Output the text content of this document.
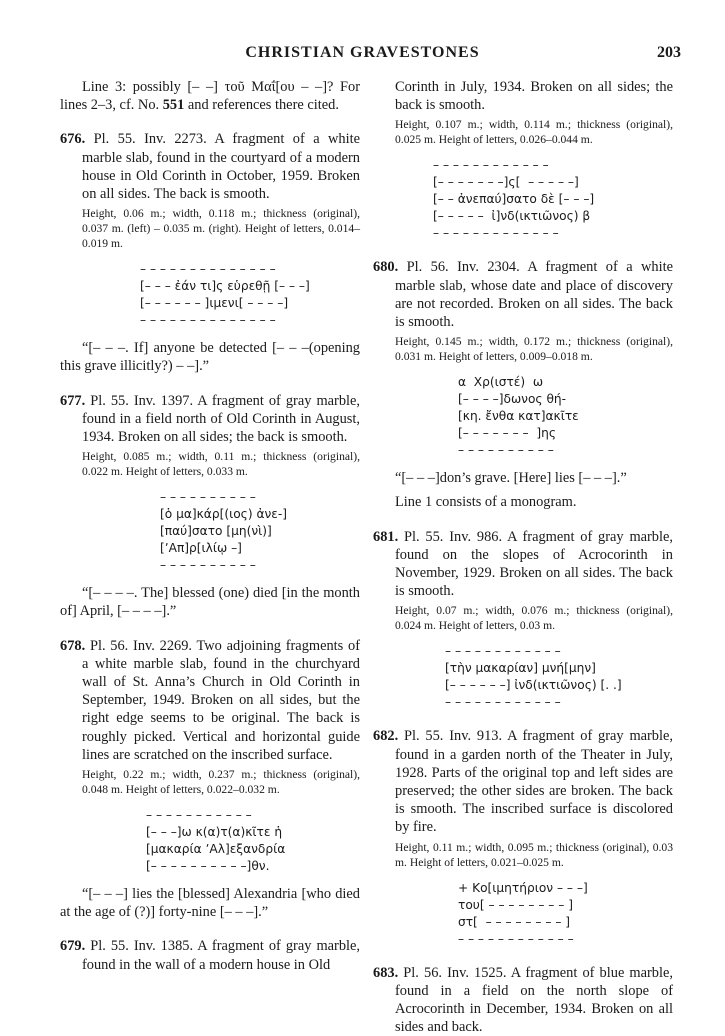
CHRISTIAN GRAVESTONES	203

Line 3: possibly [– –] τοῦ Μαΐ[ου – –]? For lines 2–3, cf. No. 551 and references there cited.

676. Pl. 55. Inv. 2273. A fragment of a white marble slab, found in the courtyard of a modern house in Old Corinth in October, 1959. Broken on all sides. The back is smooth.

Height, 0.06 m.; width, 0.118 m.; thickness (original), 0.037 m. (left) – 0.035 m. (right). Height of letters, 0.014–0.019 m.

– – – – – – – – – – – – – –
[– – – ἐάν τι]ς εὑρεθῇ [– – –]
[– – – – – – ]ιμενι[ – – – –]
– – – – – – – – – – – – – –

“[– – –. If] anyone be detected [– – –(opening this grave illicitly?) – –].”

677. Pl. 55. Inv. 1397. A fragment of gray marble, found in a field north of Old Corinth in August, 1934. Broken on all sides; the back is smooth.

Height, 0.085 m.; width, 0.11 m.; thickness (original), 0.022 m. Height of letters, 0.033 m.

– – – – – – – – – –
[ὁ μα]κάρ[(ιος) ἀνε-]
[παύ]σατο [μη(νὶ)]
[ʼΑπ]ρ[ιλίῳ –]
– – – – – – – – – –

“[– – – –. The] blessed (one) died [in the month of] April, [– – – –].”

678. Pl. 56. Inv. 2269. Two adjoining fragments of a white marble slab, found in the churchyard wall of St. Anna’s Church in Old Corinth in September, 1949. Broken on all sides, but the right edge seems to be original. The back is roughly picked. Vertical and horizontal guide lines are scratched on the inscribed surface.

Height, 0.22 m.; width, 0.237 m.; thickness (original), 0.048 m. Height of letters, 0.022–0.032 m.

– – – – – – – – – – –
[– – –]ω κ(α)τ(α)κῖτε ἡ
[μακαρία ʼΑλ]εξανδρία
[– – – – – – – – – –]θν.

“[– – –] lies the [blessed] Alexandria [who died at the age of (?)] forty-nine [– – –].”

679. Pl. 55. Inv. 1385. A fragment of gray marble, found in the wall of a modern house in Old

Corinth in July, 1934. Broken on all sides; the back is smooth.

Height, 0.107 m.; width, 0.114 m.; thickness (original), 0.025 m. Height of letters, 0.026–0.044 m.

– – – – – – – – – – – –
[– – – – – – –]ς[  – – – – –]
[– – ἀνεπαύ]σατο δὲ [– – –]
[– – – – –  ἰ]νδ(ικτιῶνος) β
– – – – – – – – – – – – –

680. Pl. 56. Inv. 2304. A fragment of a white marble slab, whose date and place of discovery are not recorded. Broken on all sides. The back is smooth.

Height, 0.145 m.; width, 0.172 m.; thickness (original), 0.031 m. Height of letters, 0.009–0.018 m.

α  Χρ(ιστέ)  ω
[– – – –]δωνος θή-
[κη. ἔνθα κατ]ακῖτε
[– – – – – – –  ]ης
– – – – – – – – – –

“[– – –]don’s grave. [Here] lies [– – –].”

Line 1 consists of a monogram.

681. Pl. 55. Inv. 986. A fragment of gray marble, found on the slopes of Acrocorinth in November, 1929. Broken on all sides. The back is smooth.

Height, 0.07 m.; width, 0.076 m.; thickness (original), 0.024 m. Height of letters, 0.03 m.

– – – – – – – – – – – –
[τὴν μακαρίαν] μνή[μην]
[– – – – – –] ἰνδ(ικτιῶνος) [. .]
– – – – – – – – – – – –

682. Pl. 55. Inv. 913. A fragment of gray marble, found in a garden north of the Theater in July, 1928. Parts of the original top and left sides are preserved; the other sides are broken. The back is smooth. The inscribed surface is discolored by fire.

Height, 0.11 m.; width, 0.095 m.; thickness (original), 0.03 m. Height of letters, 0.021–0.025 m.

+ Κο[ιμητήριον – – –]
του[ – – – – – – – – ]
στ[  – – – – – – – – ]
– – – – – – – – – – – –

683. Pl. 56. Inv. 1525. A fragment of blue marble, found in a field on the north slope of Acrocorinth in December, 1934. Broken on all sides and back.
